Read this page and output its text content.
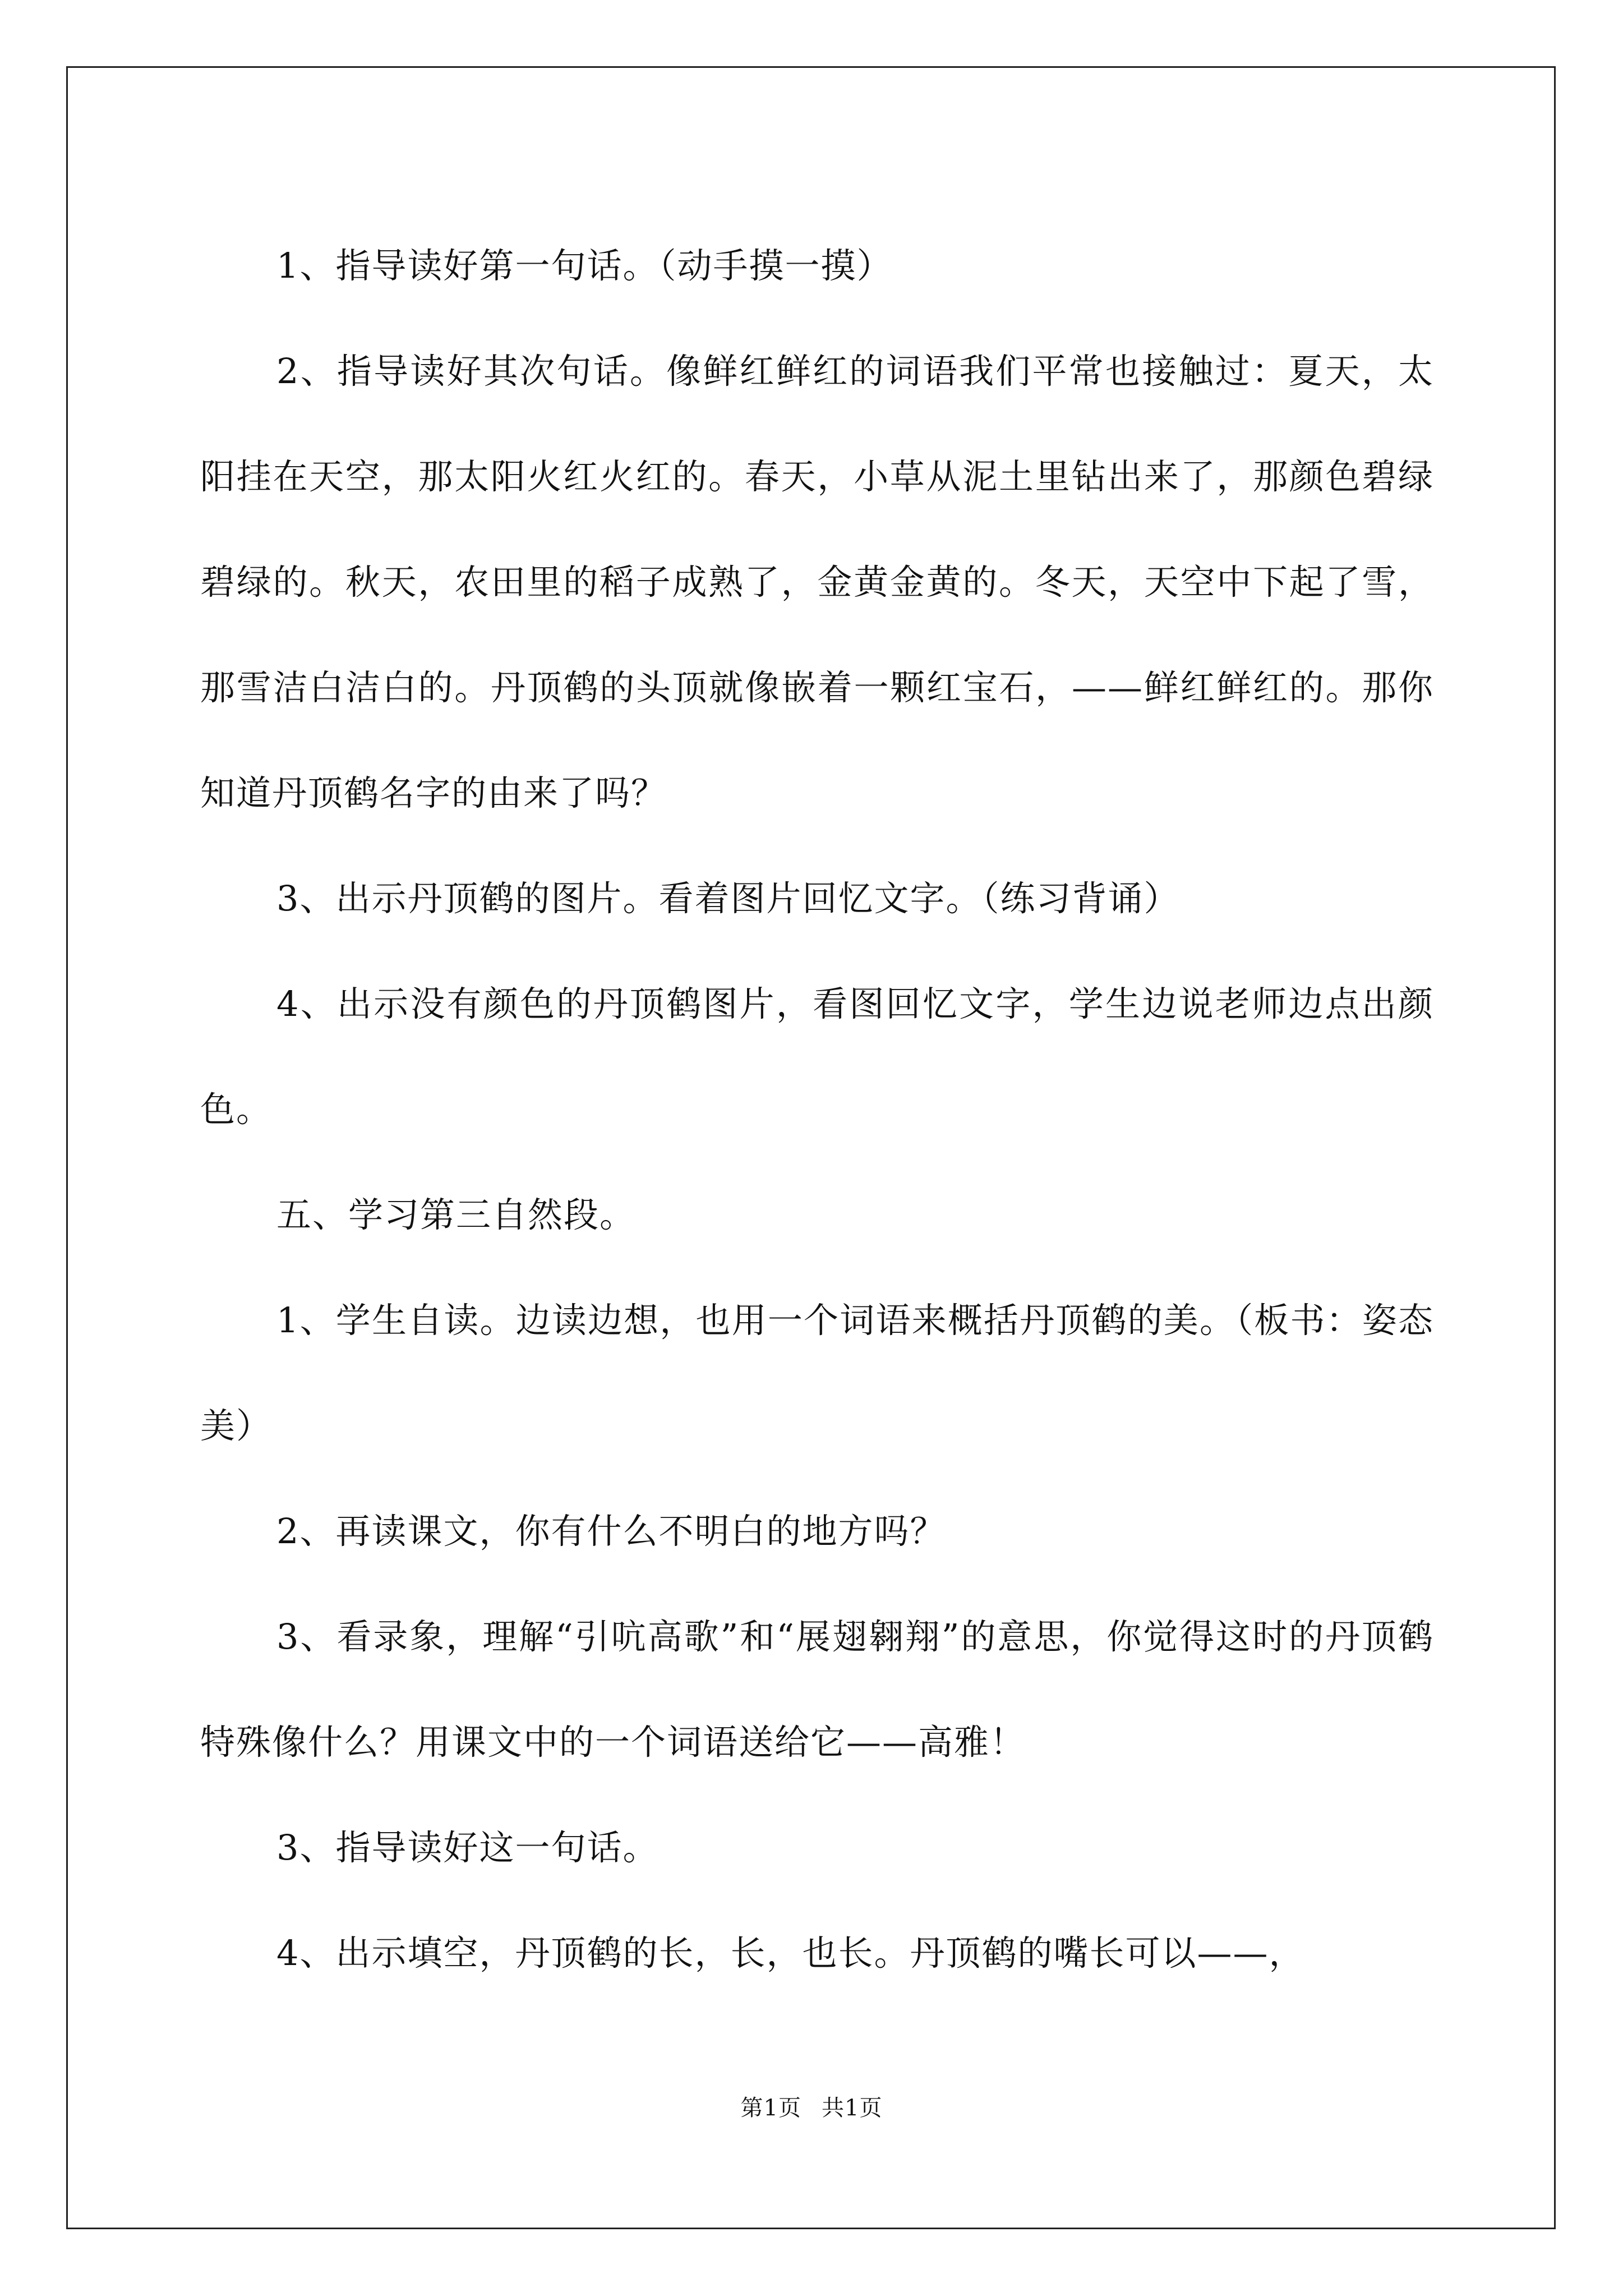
1、指导读好第一句话。（动手摸一摸）

2、指导读好其次句话。像鲜红鲜红的词语我们平常也接触过：夏天，太阳挂在天空，那太阳火红火红的。春天，小草从泥土里钻出来了，那颜色碧绿碧绿的。秋天，农田里的稻子成熟了，金黄金黄的。冬天，天空中下起了雪，那雪洁白洁白的。丹顶鹤的头顶就像嵌着一颗红宝石，——鲜红鲜红的。那你知道丹顶鹤名字的由来了吗？

3、出示丹顶鹤的图片。看着图片回忆文字。（练习背诵）

4、出示没有颜色的丹顶鹤图片，看图回忆文字，学生边说老师边点出颜色。

五、学习第三自然段。

1、学生自读。边读边想，也用一个词语来概括丹顶鹤的美。（板书：姿态美）

2、再读课文，你有什么不明白的地方吗？

3、看录象，理解“引吭高歌”和“展翅翱翔”的意思，你觉得这时的丹顶鹤特殊像什么？用课文中的一个词语送给它——高雅！

3、指导读好这一句话。

4、出示填空，丹顶鹤的长，长，也长。丹顶鹤的嘴长可以——，

第1页 共1页
